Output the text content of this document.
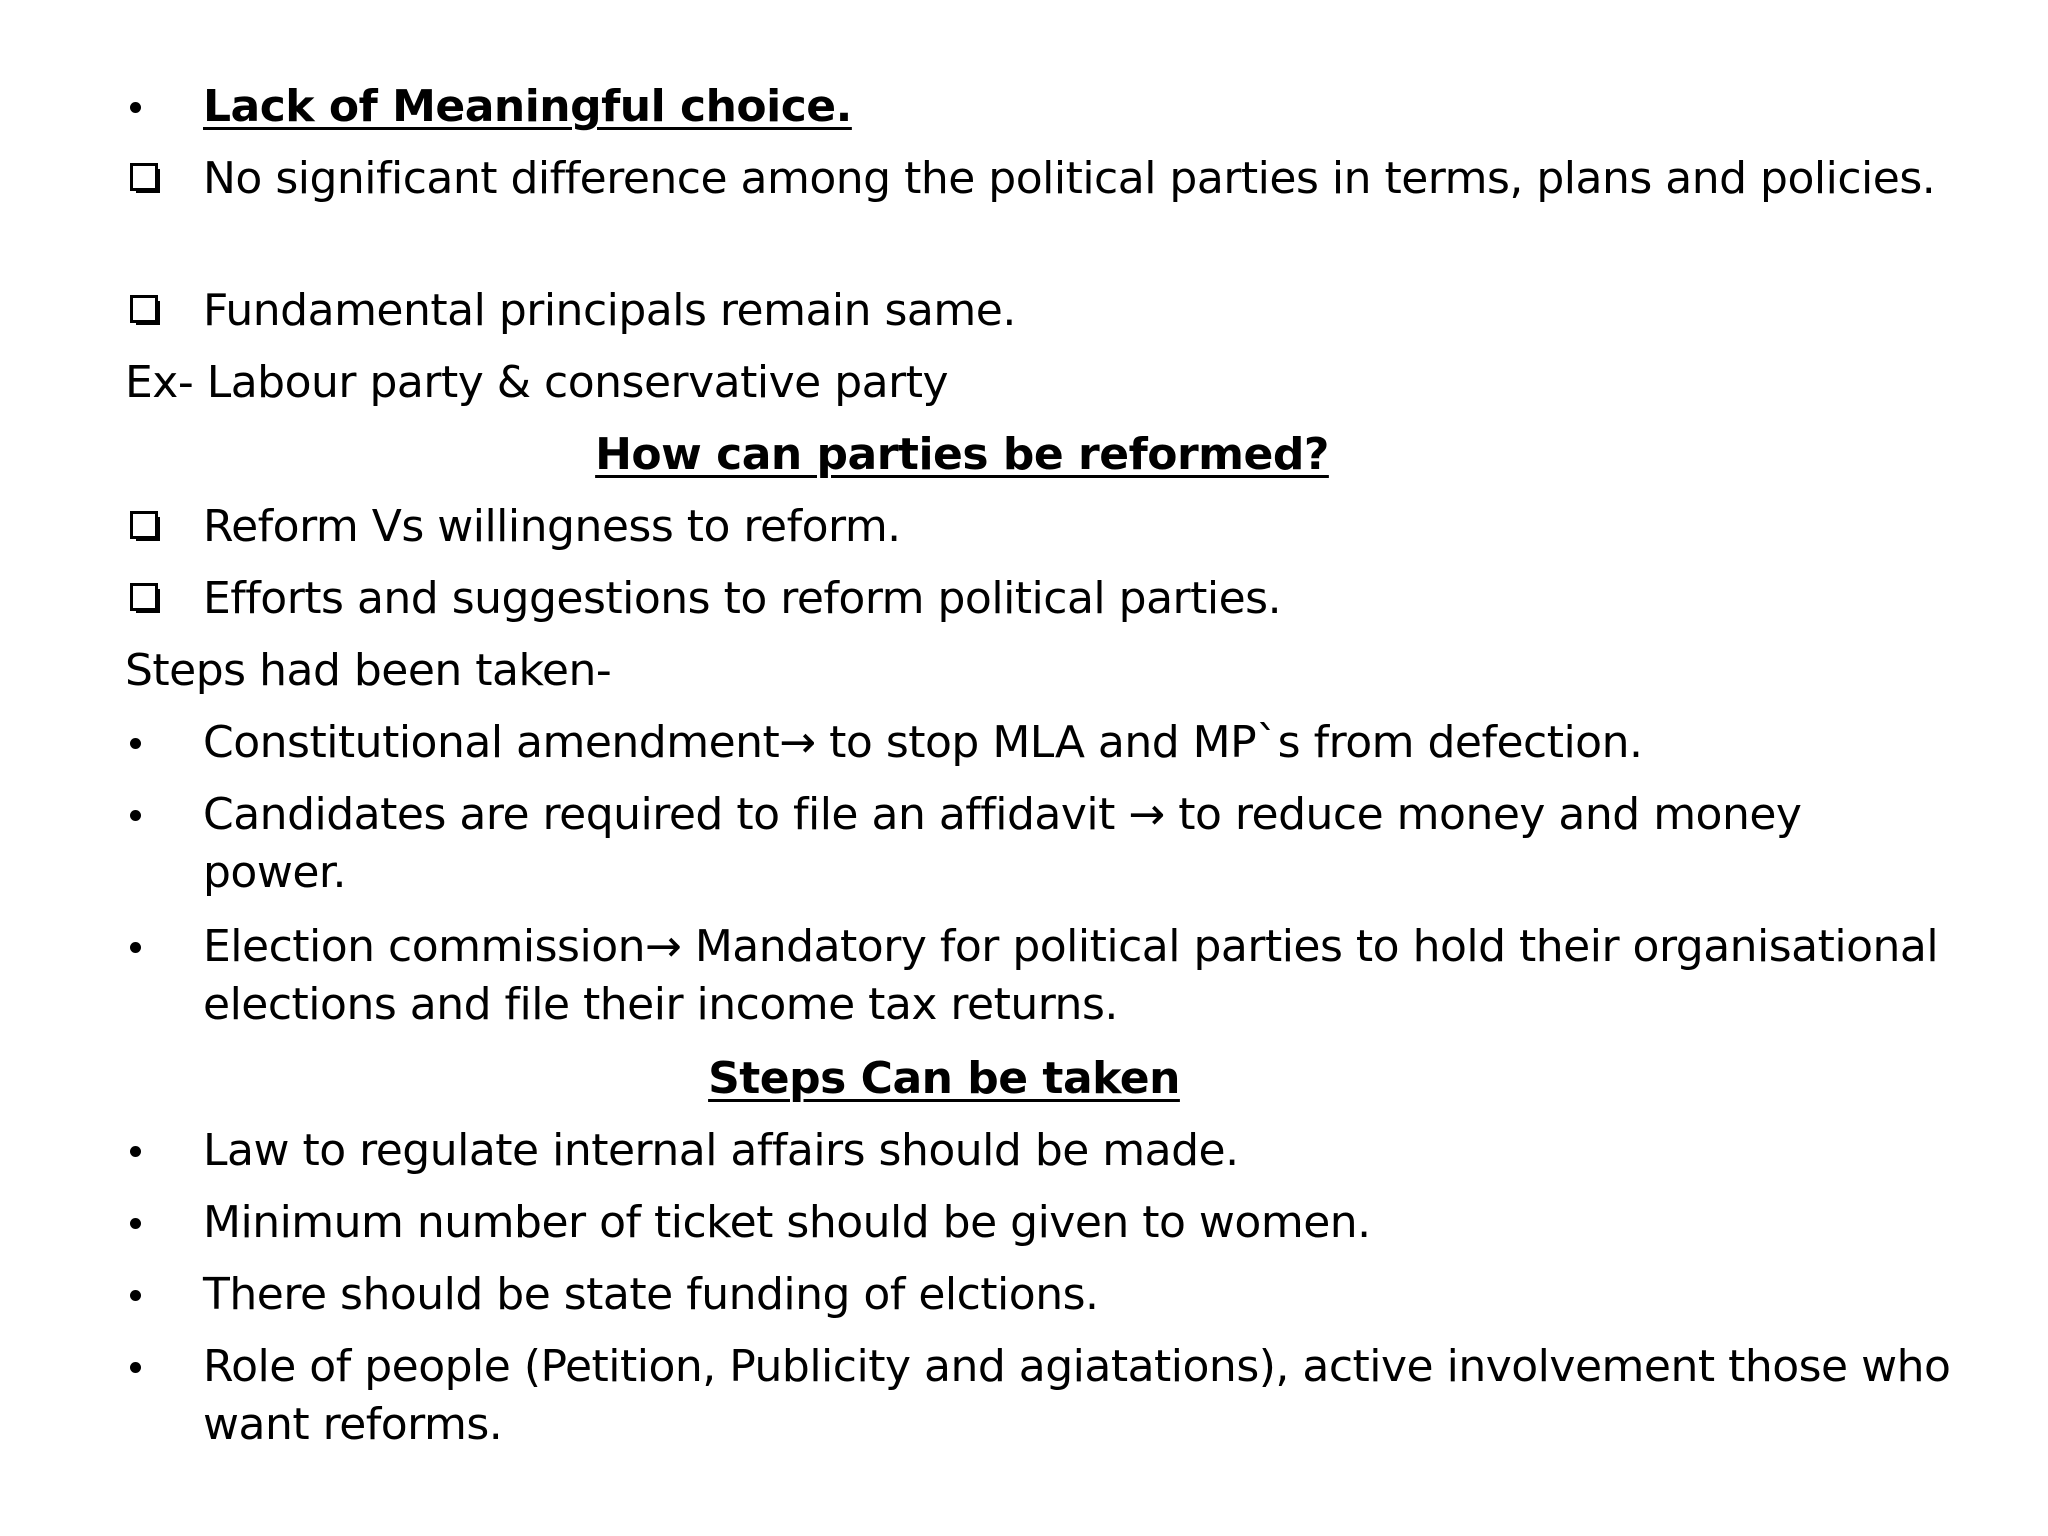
Lack of Meaningful choice.
No significant difference among the political parties in terms, plans and policies.
Fundamental principals remain same.
Ex- Labour party & conservative party
How can parties be reformed?
Reform Vs willingness to reform.
Efforts and suggestions to reform political parties.
Steps had been taken-
Constitutional amendment→ to stop MLA and MP`s from defection.
Candidates are required to file an affidavit → to reduce money and money power.
Election commission→ Mandatory for political parties to hold their organisational elections and file their income tax returns.
Steps Can be taken
Law to regulate internal affairs should be made.
Minimum number of ticket should be given to women.
There should be state funding of elctions.
Role of people (Petition, Publicity and agiatations), active involvement those who want reforms.
